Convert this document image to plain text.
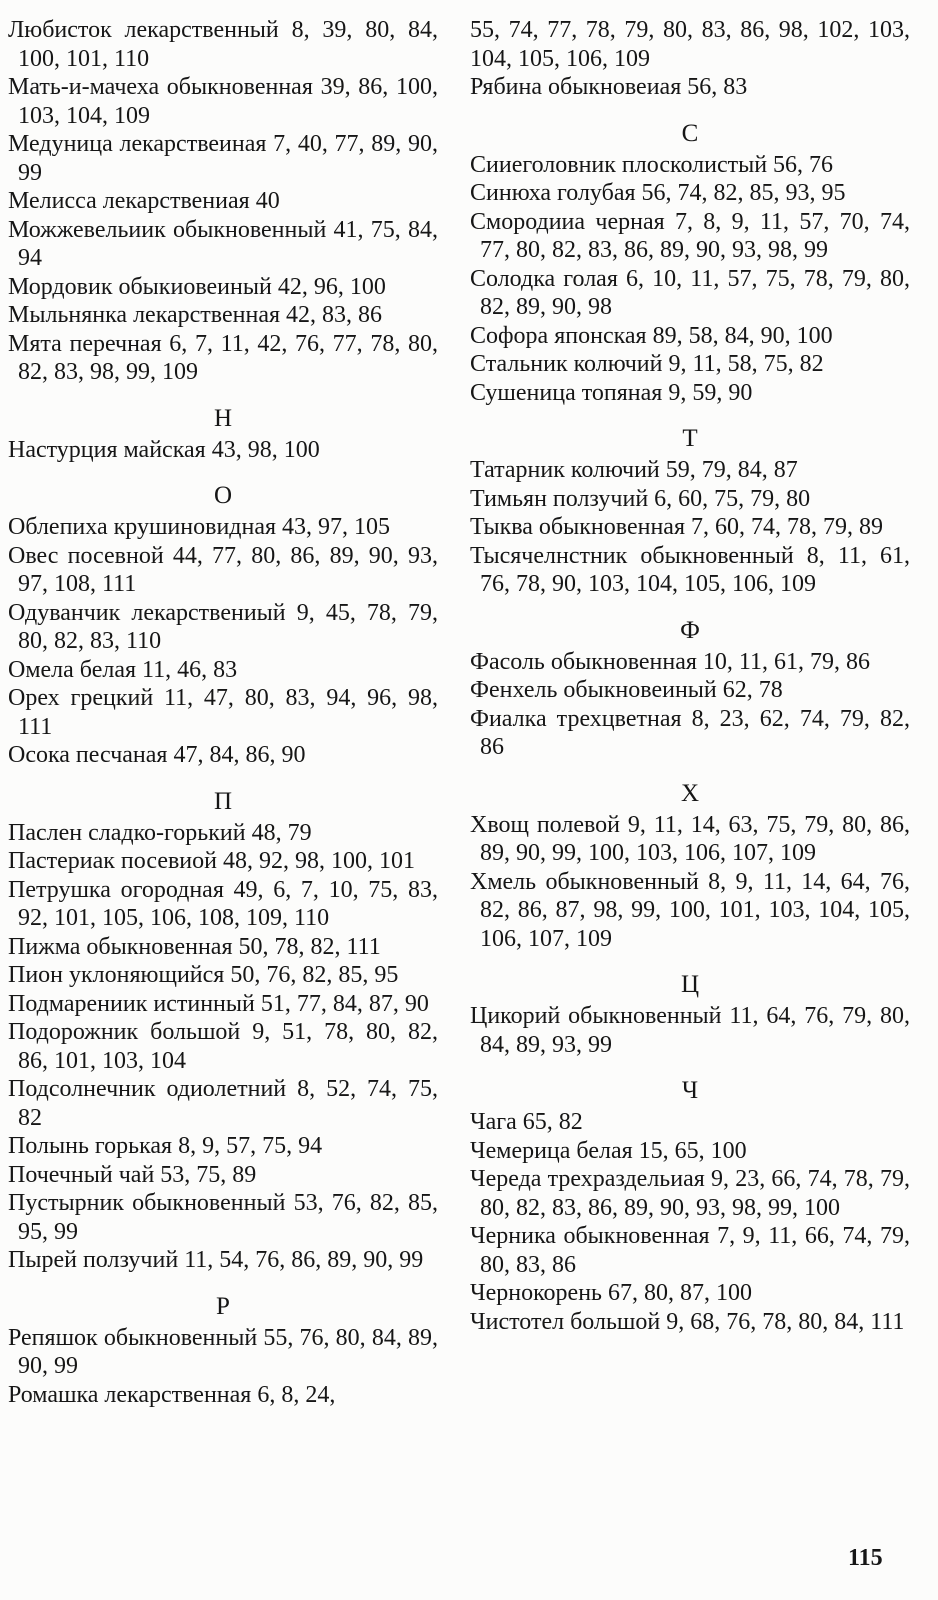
Любисток лекарственный 8, 39, 80, 84, 100, 101, 110
Мать-и-мачеха обыкновенная 39, 86, 100, 103, 104, 109
Медуница лекарствеиная 7, 40, 77, 89, 90, 99
Мелисса лекарствениая 40
Можжевельиик обыкновенный 41, 75, 84, 94
Мордовик обыкиовеиный 42, 96, 100
Мыльнянка лекарственная 42, 83, 86
Мята перечная 6, 7, 11, 42, 76, 77, 78, 80, 82, 83, 98, 99, 109
Н
Настурция майская 43, 98, 100
О
Облепиха крушиновидная 43, 97, 105
Овес посевной 44, 77, 80, 86, 89, 90, 93, 97, 108, 111
Одуванчик лекарствениый 9, 45, 78, 79, 80, 82, 83, 110
Омела белая 11, 46, 83
Орех грецкий 11, 47, 80, 83, 94, 96, 98, 111
Осока песчаная 47, 84, 86, 90
П
Паслен сладко-горький 48, 79
Пастериак посевиой 48, 92, 98, 100, 101
Петрушка огородная 49, 6, 7, 10, 75, 83, 92, 101, 105, 106, 108, 109, 110
Пижма обыкновенная 50, 78, 82, 111
Пион уклоняющийся 50, 76, 82, 85, 95
Подмарениик истинный 51, 77, 84, 87, 90
Подорожник большой 9, 51, 78, 80, 82, 86, 101, 103, 104
Подсолнечник одиолетний 8, 52, 74, 75, 82
Полынь горькая 8, 9, 57, 75, 94
Почечный чай 53, 75, 89
Пустырник обыкновенный 53, 76, 82, 85, 95, 99
Пырей ползучий 11, 54, 76, 86, 89, 90, 99
Р
Репяшок обыкновенный 55, 76, 80, 84, 89, 90, 99
Ромашка лекарственная 6, 8, 24,
55, 74, 77, 78, 79, 80, 83, 86, 98, 102, 103, 104, 105, 106, 109
Рябина обыкновеиая 56, 83
С
Сииеголовник плосколистый 56, 76
Синюха голубая 56, 74, 82, 85, 93, 95
Смородииа черная 7, 8, 9, 11, 57, 70, 74, 77, 80, 82, 83, 86, 89, 90, 93, 98, 99
Солодка голая 6, 10, 11, 57, 75, 78, 79, 80, 82, 89, 90, 98
Софора японская 89, 58, 84, 90, 100
Стальник колючий 9, 11, 58, 75, 82
Сушеница топяная 9, 59, 90
Т
Татарник колючий 59, 79, 84, 87
Тимьян ползучий 6, 60, 75, 79, 80
Тыква обыкновенная 7, 60, 74, 78, 79, 89
Тысячелнстник обыкновенный 8, 11, 61, 76, 78, 90, 103, 104, 105, 106, 109
Ф
Фасоль обыкновенная 10, 11, 61, 79, 86
Фенхель обыкновеиный 62, 78
Фиалка трехцветная 8, 23, 62, 74, 79, 82, 86
Х
Хвощ полевой 9, 11, 14, 63, 75, 79, 80, 86, 89, 90, 99, 100, 103, 106, 107, 109
Хмель обыкновенный 8, 9, 11, 14, 64, 76, 82, 86, 87, 98, 99, 100, 101, 103, 104, 105, 106, 107, 109
Ц
Цикорий обыкновенный 11, 64, 76, 79, 80, 84, 89, 93, 99
Ч
Чага 65, 82
Чемерица белая 15, 65, 100
Череда трехраздельиая 9, 23, 66, 74, 78, 79, 80, 82, 83, 86, 89, 90, 93, 98, 99, 100
Черника обыкновенная 7, 9, 11, 66, 74, 79, 80, 83, 86
Чернокорень 67, 80, 87, 100
Чистотел большой 9, 68, 76, 78, 80, 84, 111
115
